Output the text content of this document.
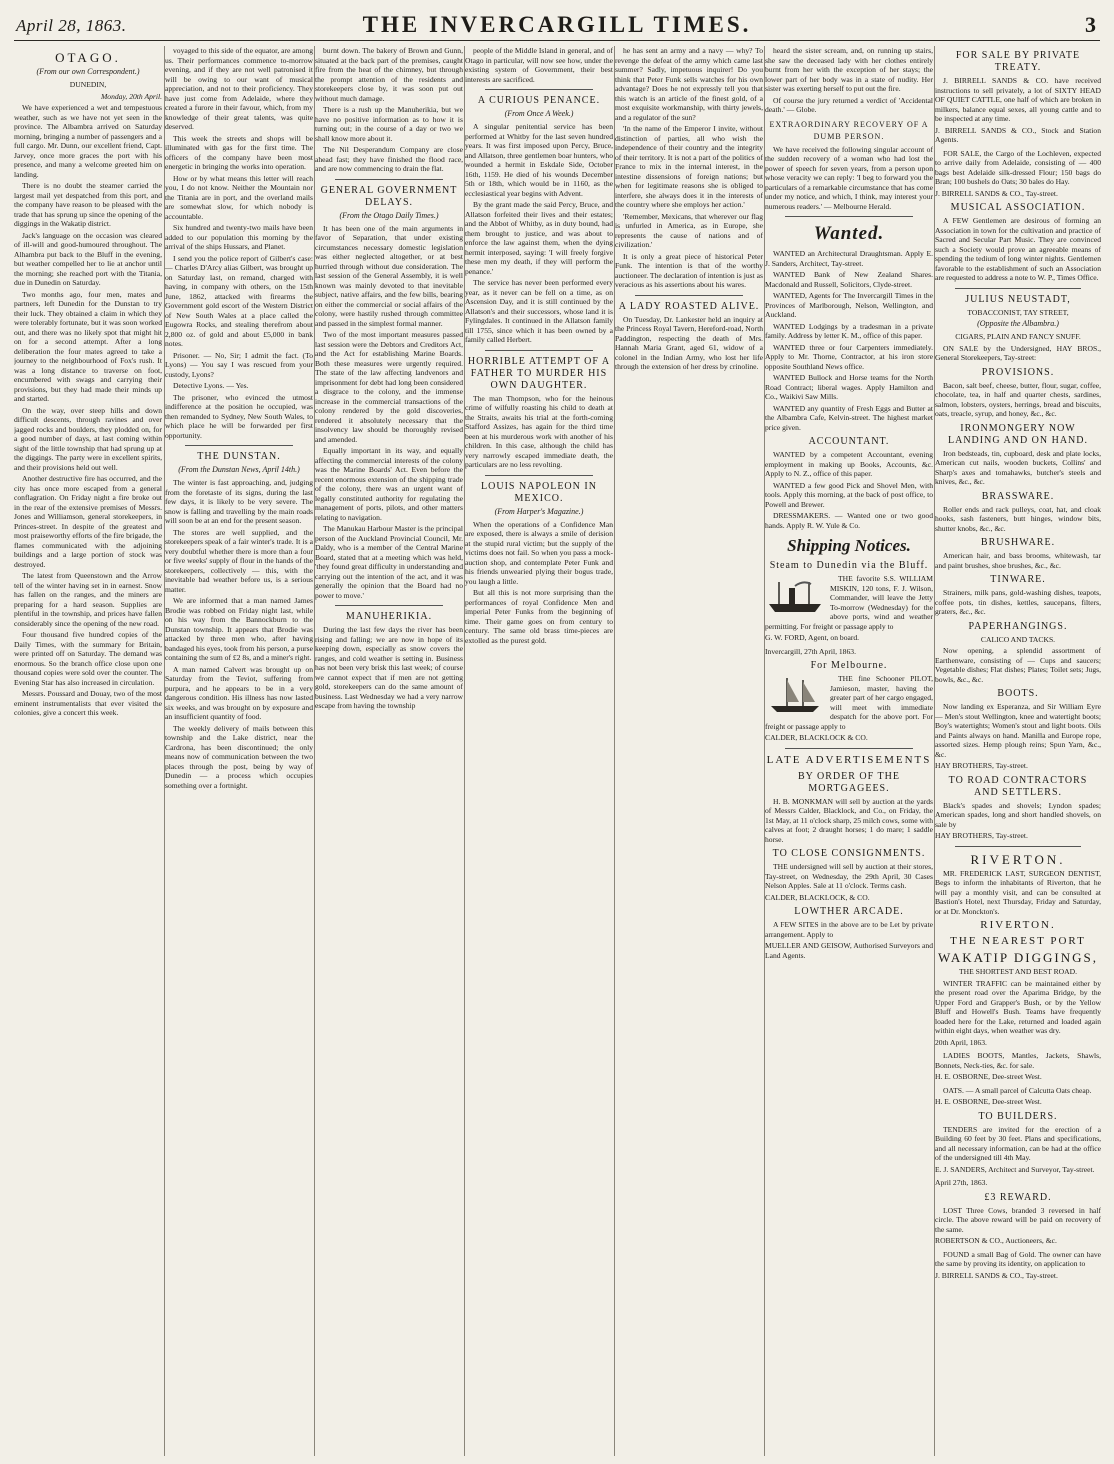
April 28, 1863.	THE INVERCARGILL TIMES.	3
OTAGO.
(From our own Correspondent.)
DUNEDIN,
Monday, 20th April.

We have experienced a wet and tempestuous weather, such as we have not yet seen in the province. The Albambra arrived on Saturday morning, bringing a number of passengers and a full cargo. Mr. Dunn, our excellent friend, Capt. Jarvey, once more graces the port with his presence, and many a welcome greeted him on landing.

There is no doubt the steamer carried the largest mail yet despatched from this port, and the company have reason to be pleased with the trade that has sprung up since the opening of the diggings in the Wakatip district.

Jack's language on the occasion was cleared of ill-will and good-humoured throughout. The Alhambra put back to the Bluff in the evening, but weather compelled her to lie at anchor until the morning; she reached port with the Titania, due in Dunedin on Saturday.

Two months ago, four men, mates and partners, left Dunedin for the Dunstan to try their luck. They obtained a claim in which they were tolerably fortunate, but it was soon worked out, and there was no likely spot that might hit on for a second attempt. After a long deliberation the four mates agreed to take a journey to the neighbourhood of Fox's rush. It was a long distance to traverse on foot, encumbered with swags and carrying their provisions, but they had made their minds up and started.

On the way, over steep hills and down difficult descents, through ravines and over jagged rocks and boulders, they plodded on, for a good number of days, at last coming within sight of the little township that had sprung up at the diggings. The party were in excellent spirits, and their provisions held out well.

Another destructive fire has occurred, and the city has once more escaped from a general conflagration. On Friday night a fire broke out in the rear of the extensive premises of Messrs. Jones and Williamson, general storekeepers, in Princes-street. In despite of the greatest and most praiseworthy efforts of the fire brigade, the flames communicated with the adjoining buildings and a large portion of stock was destroyed.

The latest from Queenstown and the Arrow tell of the winter having set in in earnest. Snow has fallen on the ranges, and the miners are preparing for a hard season. Supplies are plentiful in the township, and prices have fallen considerably since the opening of the new road.

Four thousand five hundred copies of the Daily Times, with the summary for Britain, were printed off on Saturday. The demand was enormous. So the branch office close upon one thousand copies were sold over the counter. The Evening Star has also increased in circulation.

Messrs. Poussard and Douay, two of the most eminent instrumentalists that ever visited the colonies, give a concert this week.

voyaged to this side of the equator, are among us. Their performances commence to-morrow evening, and if they are not well patronised it will be owing to our want of musical appreciation, and not to their proficiency. They have just come from Adelaide, where they created a furore in their favour, which, from my knowledge of their great talents, was quite deserved.

This week the streets and shops will be illuminated with gas for the first time. The officers of the company have been most energetic in bringing the works into operation.

How or by what means this letter will reach you, I do not know. Neither the Mountain nor the Titania are in port, and the overland mails are somewhat slow, for which nobody is accountable.

Six hundred and twenty-two mails have been added to our population this morning by the arrival of the ships Hussars, and Planet.

I send you the police report of Gilbert's case: — Charles D'Arcy alias Gilbert, was brought up on Saturday last, on remand, charged with having, in company with others, on the 15th June, 1862, attacked with firearms the Government gold escort of the Western District of New South Wales at a place called the Eugowra Rocks, and stealing therefrom about 2,800 oz. of gold and about £5,000 in bank notes.

Prisoner. — No, Sir; I admit the fact. (To Lyons) — You say I was rescued from your custody, Lyons?

Detective Lyons. — Yes.

The prisoner, who evinced the utmost indifference at the position he occupied, was then remanded to Sydney, New South Wales, to which place he will be forwarded per first opportunity.

THE DUNSTAN.
(From the Dunstan News, April 14th.)

The winter is fast approaching, and, judging from the foretaste of its signs, during the last few days, it is likely to be very severe. The snow is falling and travelling by the main roads will soon be at an end for the present season.

The stores are well supplied, and the storekeepers speak of a fair winter's trade. It is a very doubtful whether there is more than a four or five weeks' supply of flour in the hands of the storekeepers, collectively — this, with the inevitable bad weather before us, is a serious matter.

We are informed that a man named James Brodie was robbed on Friday night last, while on his way from the Bannockburn to the Dunstan township. It appears that Brodie was attacked by three men who, after having bandaged his eyes, took from his person, a purse containing the sum of £2 8s, and a miner's right.

A man named Calvert was brought up on Saturday from the Teviot, suffering from purpura, and he appears to be in a very dangerous condition. His illness has now lasted six weeks, and was brought on by exposure and an insufficient quantity of food.

The weekly delivery of mails between this township and the Lake district, near the Cardrona, has been discontinued; the only means now of communication between the two places through the post, being by way of Dunedin — a process which occupies something over a fortnight.

burnt down. The bakery of Brown and Gunn, situated at the back part of the premises, caught fire from the heat of the chimney, but through the prompt attention of the residents and storekeepers close by, it was soon put out without much damage.

There is a rush up the Manuherikia, but we have no positive information as to how it is turning out; in the course of a day or two we shall know more about it.

The Nil Desperandum Company are close ahead fast; they have finished the flood race, and are now commencing to drain the flat.

GENERAL GOVERNMENT DELAYS.
(From the Otago Daily Times.)

It has been one of the main arguments in favor of Separation, that under existing circumstances necessary domestic legislation was either neglected altogether, or at best hurried through without due consideration. The last session of the General Assembly, it is well known was mainly devoted to that inevitable subject, native affairs, and the few bills, bearing on either the commercial or social affairs of the colony, were hastily rushed through committee and passed in the simplest formal manner.

Two of the most important measures passed last session were the Debtors and Creditors Act, and the Act for establishing Marine Boards. Both these measures were urgently required. The state of the law affecting landvenors and imprisonment for debt had long been considered a disgrace to the colony, and the immense increase in the commercial transactions of the colony rendered by the gold discoveries, rendered it absolutely necessary that the insolvency law should be thoroughly revised and amended.

Equally important in its way, and equally affecting the commercial interests of the colony was the Marine Boards' Act. Even before the recent enormous extension of the shipping trade of the colony, there was an urgent want of legally constituted authority for regulating the management of ports, pilots, and other matters relating to navigation.

The Manukau Harbour Master is the principal person of the Auckland Provincial Council, Mr. Daldy, who is a member of the Central Marine Board, stated that at a meeting which was held, 'they found great difficulty in understanding and carrying out the intention of the act, and it was generally the opinion that the Board had no power to move.'

MANUHERIKIA.

During the last few days the river has been rising and falling; we are now in hope of its keeping down, especially as snow covers the ranges, and cold weather is setting in. Business has not been very brisk this last week; of course we cannot expect that if men are not getting gold, storekeepers can do the same amount of business. Last Wednesday we had a very narrow escape from having the township

people of the Middle Island in general, and of Otago in particular, will now see how, under the existing system of Government, their best interests are sacrificed.

A CURIOUS PENANCE.
(From Once A Week.)

A singular penitential service has been performed at Whitby for the last seven hundred years. It was first imposed upon Percy, Bruce, and Allatson, three gentlemen boar hunters, who wounded a hermit in Eskdale Side, October 16th, 1159. He died of his wounds December 5th or 18th, which would be in 1160, as the ecclesiastical year begins with Advent.

By the grant made the said Percy, Bruce, and Allatson forfeited their lives and their estates; and the Abbot of Whitby, as in duty bound, had them brought to justice, and was about to enforce the law against them, when the dying hermit interposed, saying: 'I will freely forgive these men my death, if they will perform the penance.'

The service has never been performed every year, as it never can be fell on a time, as on Ascension Day, and it is still continued by the Allatson's and their successors, whose land it is Fylingdales. It continued in the Allatson family till 1755, since which it has been owned by a family called Herbert.

HORRIBLE ATTEMPT OF A FATHER TO MURDER HIS OWN DAUGHTER.

The man Thompson, who for the heinous crime of wilfully roasting his child to death at the Straits, awaits his trial at the forth-coming Stafford Assizes, has again for the third time been at his murderous work with another of his children. In this case, although the child has very narrowly escaped immediate death, the particulars are no less revolting.

LOUIS NAPOLEON IN MEXICO.
(From Harper's Magazine.)

When the operations of a Confidence Man are exposed, there is always a smile of derision at the stupid rural victim; but the supply of the victims does not fail. So when you pass a mock-auction shop, and contemplate Peter Funk and his friends unwearied plying their bogus trade, you laugh a little.

But all this is not more surprising than the performances of royal Confidence Men and imperial Peter Funks from the beginning of time. Their game goes on from century to century. The same old brass time-pieces are extolled as the purest gold.

he has sent an army and a navy — why? To revenge the defeat of the army which came last summer? Sadly, impetuous inquirer! Do you think that Peter Funk sells watches for his own advantage? Does he not expressly tell you that this watch is an article of the finest gold, of a most exquisite workmanship, with thirty jewels, and a regulator of the sun?

'In the name of the Emperor I invite, without distinction of parties, all who wish the independence of their country and the integrity of their territory. It is not a part of the politics of France to mix in the internal interest, in the intestine dissensions of foreign nations; but when for legitimate reasons she is obliged to interfere, she always does it in the interests of the country where she employs her action.'

'Remember, Mexicans, that wherever our flag is unfurled in America, as in Europe, she represents the cause of nations and of civilization.'

It is only a great piece of historical Peter Funk. The intention is that of the worthy auctioneer. The declaration of intention is just as veracious as his assertions about his wares.

A LADY ROASTED ALIVE.

On Tuesday, Dr. Lankester held an inquiry at the Princess Royal Tavern, Hereford-road, North Paddington, respecting the death of Mrs. Hannah Maria Grant, aged 61, widow of a colonel in the Indian Army, who lost her life through the extension of her dress by crinoline.

heard the sister scream, and, on running up stairs, she saw the deceased lady with her clothes entirely burnt from her with the exception of her stays; the lower part of her body was in a state of nudity. Her sister was exerting herself to put out the fire.

Of course the jury returned a verdict of 'Accidental death.' — Globe.

EXTRAORDINARY RECOVERY OF A DUMB PERSON.

We have received the following singular account of the sudden recovery of a woman who had lost the power of speech for seven years, from a person upon whose veracity we can reply: 'I beg to forward you the particulars of a remarkable circumstance that has come under my notice, and which, I think, may interest your numerous readers.' — Melbourne Herald.

Wanted.

WANTED an Architectural Draughtsman. Apply E. J. Sanders, Architect, Tay-street.

WANTED Bank of New Zealand Shares. Macdonald and Russell, Solicitors, Clyde-street.

WANTED, Agents for The Invercargill Times in the Provinces of Marlborough, Nelson, Wellington, and Auckland.

WANTED Lodgings by a tradesman in a private family. Address by letter K. M., office of this paper.

WANTED three or four Carpenters immediately. Apply to Mr. Thorne, Contractor, at his iron store opposite Southland News office.

WANTED Bullock and Horse teams for the North Road Contract; liberal wages. Apply Hamilton and Co., Waikivi Saw Mills.

WANTED any quantity of Fresh Eggs and Butter at the Albambra Cafe, Kelvin-street. The highest market price given.

ACCOUNTANT.

WANTED by a competent Accountant, evening employment in making up Books, Accounts, &c. Apply to N. Z., office of this paper.

WANTED a few good Pick and Shovel Men, with tools. Apply this morning, at the back of post office, to Powell and Brewer.

DRESSMAKERS. — Wanted one or two good hands. Apply R. W. Yule & Co.

Shipping Notices.
Steam to Dunedin via the Bluff.

THE favorite S.S. WILLIAM MISKIN, 120 tons, F. J. Wilson, Commander, will leave the Jetty To-morrow (Wednesday) for the above ports, wind and weather permitting. For freight or passage apply to

G. W. FORD, Agent, on board.
Invercargill, 27th April, 1863.
For Melbourne.

THE fine Schooner PILOT, Jamieson, master, having the greater part of her cargo engaged, will meet with immediate despatch for the above port. For freight or passage apply to

CALDER, BLACKLOCK & CO.
LATE ADVERTISEMENTS
BY ORDER OF THE MORTGAGEES.

H. B. MONKMAN will sell by auction at the yards of Messrs Calder, Blacklock, and Co., on Friday, the 1st May, at 11 o'clock sharp, 25 milch cows, some with calves at foot; 2 draught horses; 1 do mare; 1 saddle horse.

TO CLOSE CONSIGNMENTS.

THE undersigned will sell by auction at their stores, Tay-street, on Wednesday, the 29th April, 30 Cases Nelson Apples. Sale at 11 o'clock. Terms cash.

CALDER, BLACKLOCK, & CO.
LOWTHER ARCADE.

A FEW SITES in the above are to be Let by private arrangement. Apply to

MUELLER AND GEISOW, Authorised Surveyors and Land Agents.
FOR SALE BY PRIVATE TREATY.

J. BIRRELL SANDS & CO. have received instructions to sell privately, a lot of SIXTY HEAD OF QUIET CATTLE, one half of which are broken in milkers, balance equal sexes, all young cattle and to be inspected at any time.

J. BIRRELL SANDS & CO., Stock and Station Agents.

FOR SALE, the Cargo of the Lochleven, expected to arrive daily from Adelaide, consisting of — 400 bags best Adelaide silk-dressed Flour; 150 bags do Bran; 100 bushels do Oats; 30 bales do Hay.

J. BIRRELL SANDS & CO., Tay-street.
MUSICAL ASSOCIATION.

A FEW Gentlemen are desirous of forming an Association in town for the cultivation and practice of Sacred and Secular Part Music. They are convinced such a Society would prove an agreeable means of spending the tedium of long winter nights. Gentlemen favorable to the establishment of such an Association are requested to address a note to W. P., Times Office.

JULIUS NEUSTADT,
TOBACCONIST, TAY STREET,
(Opposite the Albambra.)
CIGARS, PLAIN AND FANCY SNUFF.

ON SALE by the Undersigned, HAY BROS., General Storekeepers, Tay-street:

PROVISIONS.

Bacon, salt beef, cheese, butter, flour, sugar, coffee, chocolate, tea, in half and quarter chests, sardines, salmon, lobsters, oysters, herrings, bread and biscuits, oats, treacle, syrup, and honey, &c., &c.

IRONMONGERY NOW LANDING AND ON HAND.

Iron bedsteads, tin, cupboard, desk and plate locks, American cut nails, wooden buckets, Collins' and Sharp's axes and tomahawks, butcher's steels and knives, &c., &c.

BRASSWARE.

Roller ends and rack pulleys, coat, hat, and cloak hooks, sash fasteners, butt hinges, window bits, shutter knobs, &c., &c.

BRUSHWARE.

American hair, and bass brooms, whitewash, tar and paint brushes, shoe brushes, &c., &c.

TINWARE.

Strainers, milk pans, gold-washing dishes, teapots, coffee pots, tin dishes, kettles, saucepans, filters, graters, &c., &c.

PAPERHANGINGS.
CALICO AND TACKS.

Now opening, a splendid assortment of Earthenware, consisting of — Cups and saucers; Vegetable dishes; Flat dishes; Plates; Toilet sets; Jugs, bowls, &c., &c.

BOOTS.

Now landing ex Esperanza, and Sir William Eyre — Men's stout Wellington, knee and watertight boots; Boy's watertights; Women's stout and light boots. Oils and Paints always on hand. Manilla and Europe rope, assorted sizes. Hemp plough reins; Spun Yarn, &c., &c.

HAY BROTHERS, Tay-street.
TO ROAD CONTRACTORS AND SETTLERS.

Black's spades and shovels; Lyndon spades; American spades, long and short handled shovels, on sale by

HAY BROTHERS, Tay-street.
RIVERTON.

MR. FREDERICK LAST, SURGEON DENTIST, Begs to inform the inhabitants of Riverton, that he will pay a monthly visit, and can be consulted at Bastion's Hotel, next Thursday, Friday and Saturday, or at Dr. Monckton's.

RIVERTON.
THE NEAREST PORT
WAKATIP DIGGINGS,
THE SHORTEST AND BEST ROAD.

WINTER TRAFFIC can be maintained either by the present road over the Aparima Bridge, by the Upper Ford and Grapper's Bush, or by the Yellow Bluff and Howell's Bush. Teams have frequently loaded here for the Lake, returned and loaded again within eight days, when weather was dry.

20th April, 1863.

LADIES BOOTS, Mantles, Jackets, Shawls, Bonnets, Neck-ties, &c. for sale.

H. E. OSBORNE, Dee-street West.

OATS. — A small parcel of Calcutta Oats cheap.

H. E. OSBORNE, Dee-street West.
TO BUILDERS.

TENDERS are invited for the erection of a Building 60 feet by 30 feet. Plans and specifications, and all necessary information, can be had at the office of the undersigned till 4th May.

E. J. SANDERS, Architect and Surveyor, Tay-street.
April 27th, 1863.
£3 REWARD.

LOST Three Cows, branded 3 reversed in half circle. The above reward will be paid on recovery of the same.

ROBERTSON & CO., Auctioneers, &c.

FOUND a small Bag of Gold. The owner can have the same by proving its identity, on application to

J. BIRRELL SANDS & CO., Tay-street.
